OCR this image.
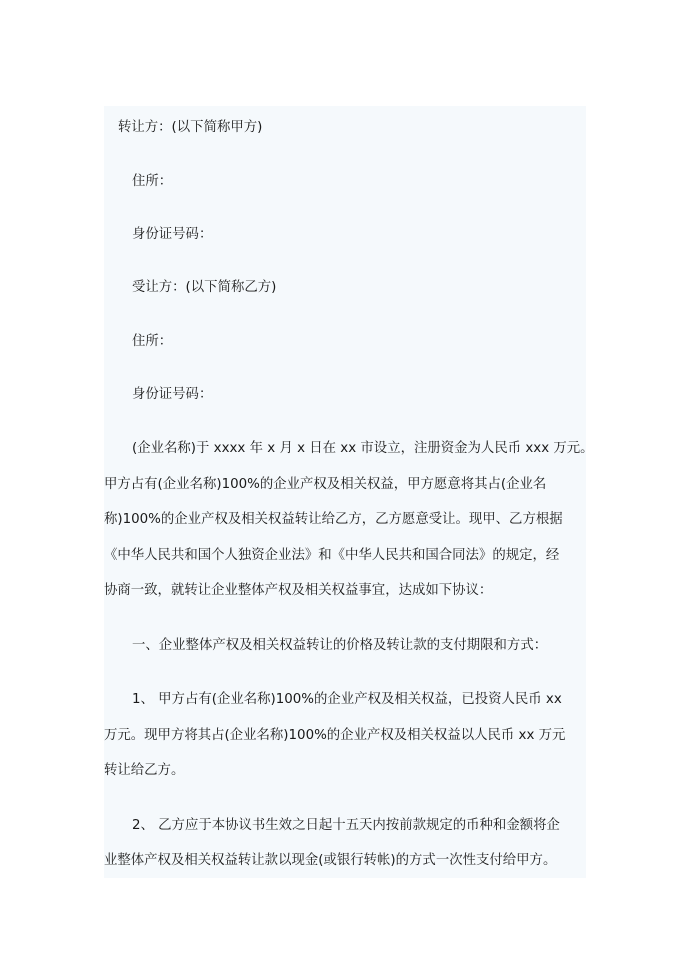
转让方：(以下简称甲方)
住所：
身份证号码：
受让方：(以下简称乙方)
住所：
身份证号码：
(企业名称)于 xxxx 年 x 月 x 日在 xx 市设立，注册资金为人民币 xxx 万元。
甲方占有(企业名称)100%的企业产权及相关权益，甲方愿意将其占(企业名
称)100%的企业产权及相关权益转让给乙方，乙方愿意受让。现甲、乙方根据
《中华人民共和国个人独资企业法》和《中华人民共和国合同法》的规定，经
协商一致，就转让企业整体产权及相关权益事宜，达成如下协议：
一、企业整体产权及相关权益转让的价格及转让款的支付期限和方式：
1、 甲方占有(企业名称)100%的企业产权及相关权益，已投资人民币 xx
万元。现甲方将其占(企业名称)100%的企业产权及相关权益以人民币 xx 万元
转让给乙方。
2、 乙方应于本协议书生效之日起十五天内按前款规定的币种和金额将企
业整体产权及相关权益转让款以现金(或银行转帐)的方式一次性支付给甲方。
